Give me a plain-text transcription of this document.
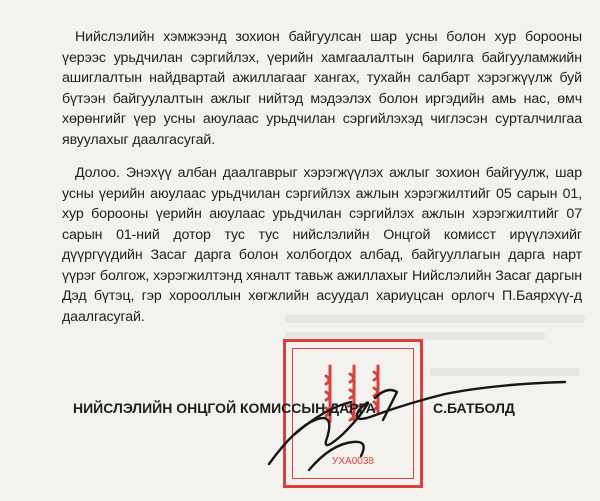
Нийслэлийн хэмжээнд зохион байгуулсан шар усны болон хур борооны үерээс урьдчилан сэргийлэх, үерийн хамгаалалтын барилга байгууламжийн ашиглалтын найдвартай ажиллагааг хангах, тухайн салбарт хэрэгжүүлж буй бүтээн байгуулалтын ажлыг нийтэд мэдээлэх болон иргэдийн амь нас, өмч хөрөнгийг үер усны аюулаас урьдчилан сэргийлэхэд чиглэсэн сурталчилгаа явуулахыг даалгасугай.

Долоо. Энэхүү албан даалгаврыг хэрэгжүүлэх ажлыг зохион байгуулж, шар усны үерийн аюулаас урьдчилан сэргийлэх ажлын хэрэгжилтийг 05 сарын 01, хур борооны үерийн аюулаас урьдчилан сэргийлэх ажлын хэрэгжилтийг 07 сарын 01-ний дотор тус тус нийслэлийн Онцгой комисст ирүүлэхийг дүүргүүдийн Засаг дарга болон холбогдох албад, байгууллагын дарга нарт үүрэг болгож, хэрэгжилтэнд хяналт тавьж ажиллахыг Нийслэлийн Засаг даргын Дэд бүтэц, гэр хорооллын хөгжлийн асуудал хариуцсан орлогч П.Баярхүү-д даалгасугай.

УХА0038
НИЙСЛЭЛИЙН ОНЦГОЙ КОМИССЫН ДАРГА	С.БАТБОЛД
